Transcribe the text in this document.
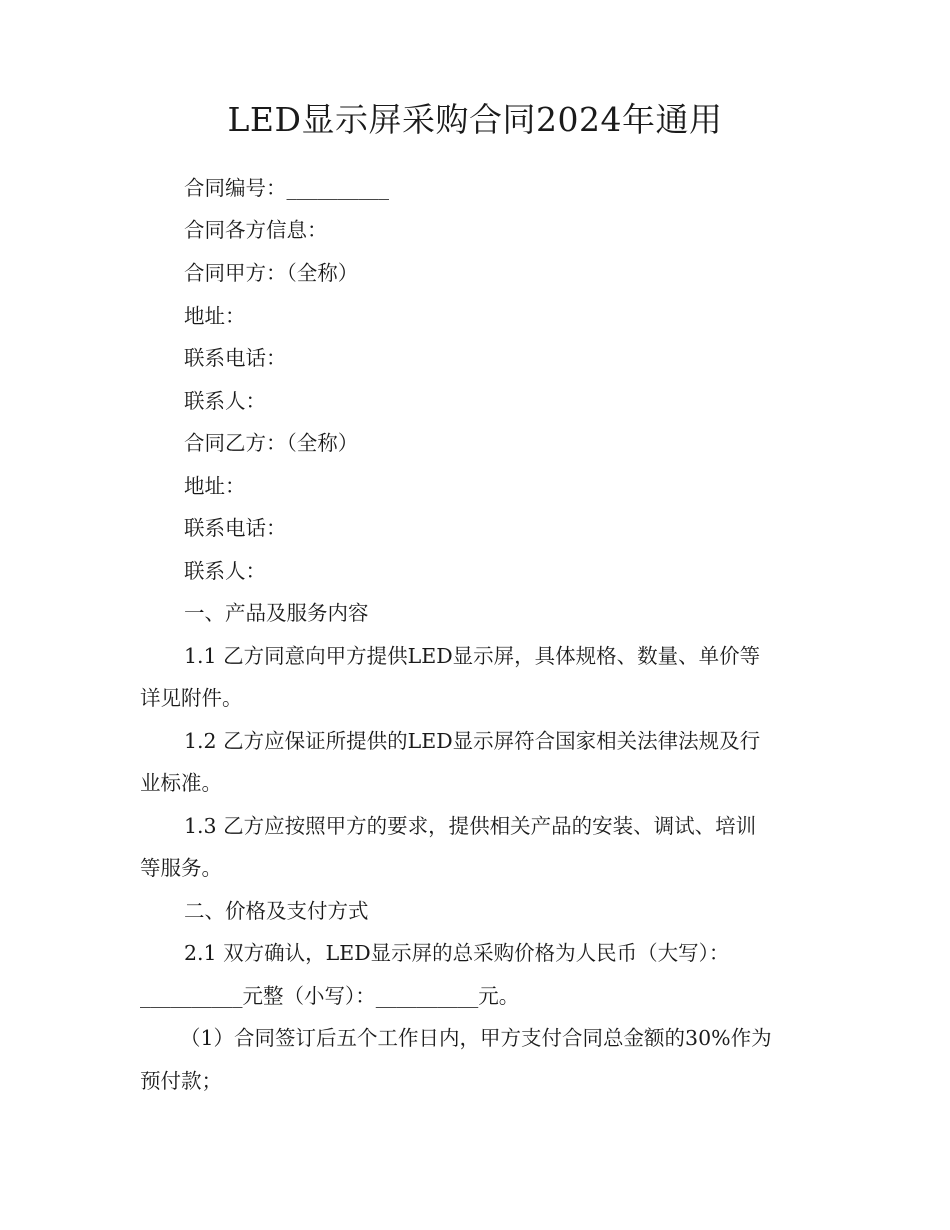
LED显示屏采购合同2024年通用

合同编号：__________

合同各方信息：

合同甲方：（全称）

地址：

联系电话：

联系人：

合同乙方：（全称）

地址：

联系电话：

联系人：

一、产品及服务内容

1.1 乙方同意向甲方提供LED显示屏，具体规格、数量、单价等

详见附件。

1.2 乙方应保证所提供的LED显示屏符合国家相关法律法规及行

业标准。

1.3 乙方应按照甲方的要求，提供相关产品的安装、调试、培训

等服务。

二、价格及支付方式

2.1 双方确认，LED显示屏的总采购价格为人民币（大写）：

__________元整（小写）：__________元。

（1）合同签订后五个工作日内，甲方支付合同总金额的30%作为

预付款；
